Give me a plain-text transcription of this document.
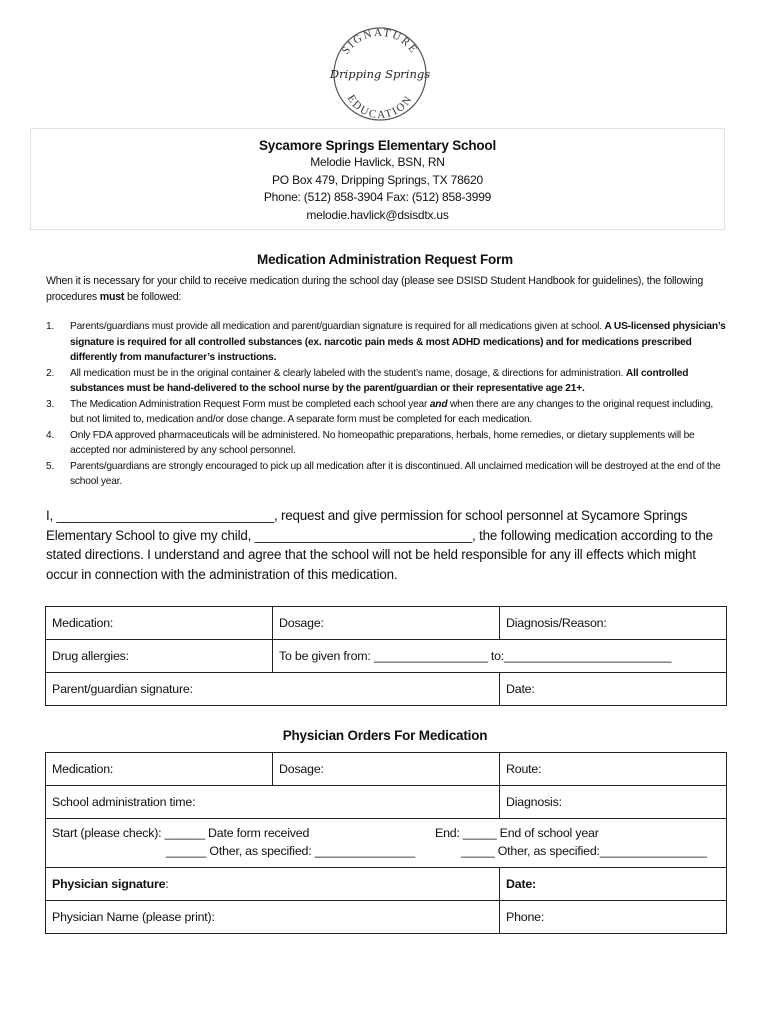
SIGNATURE
EDUCATION
Dripping Springs
Sycamore Springs Elementary School
Melodie Havlick, BSN, RN
PO Box 479, Dripping Springs, TX 78620
Phone: (512) 858-3904 Fax: (512) 858-3999
melodie.havlick@dsisdtx.us
Medication Administration Request Form
When it is necessary for your child to receive medication during the school day (please see DSISD Student Handbook for guidelines), the following procedures must be followed:
1. Parents/guardians must provide all medication and parent/guardian signature is required for all medications given at school. A US-licensed physician’s signature is required for all controlled substances (ex. narcotic pain meds & most ADHD medications) and for medications prescribed differently from manufacturer’s instructions.
2. All medication must be in the original container & clearly labeled with the student’s name, dosage, & directions for administration. All controlled substances must be hand-delivered to the school nurse by the parent/guardian or their representative age 21+.
3. The Medication Administration Request Form must be completed each school year and when there are any changes to the original request including, but not limited to, medication and/or dose change. A separate form must be completed for each medication.
4. Only FDA approved pharmaceuticals will be administered. No homeopathic preparations, herbals, home remedies, or dietary supplements will be accepted nor administered by any school personnel.
5. Parents/guardians are strongly encouraged to pick up all medication after it is discontinued. All unclaimed medication will be destroyed at the end of the school year.
I, ______________________________, request and give permission for school personnel at Sycamore Springs Elementary School to give my child, ______________________________, the following medication according to the stated directions. I understand and agree that the school will not be held responsible for any ill effects which might occur in connection with the administration of this medication.
Medication:	Dosage:	Diagnosis/Reason:
Drug allergies:	To be given from: _________________ to:_________________________	
Parent/guardian signature:		Date:
Physician Orders For Medication
Medication:	Dosage:	Route:
School administration time:		Diagnosis:

Start (please check): ______ Date form received
______ Other, as specified: _______________
End: _____ End of school year
_____ Other, as specified:________________		

Physician signature:		Date:
Physician Name (please print):		Phone:
